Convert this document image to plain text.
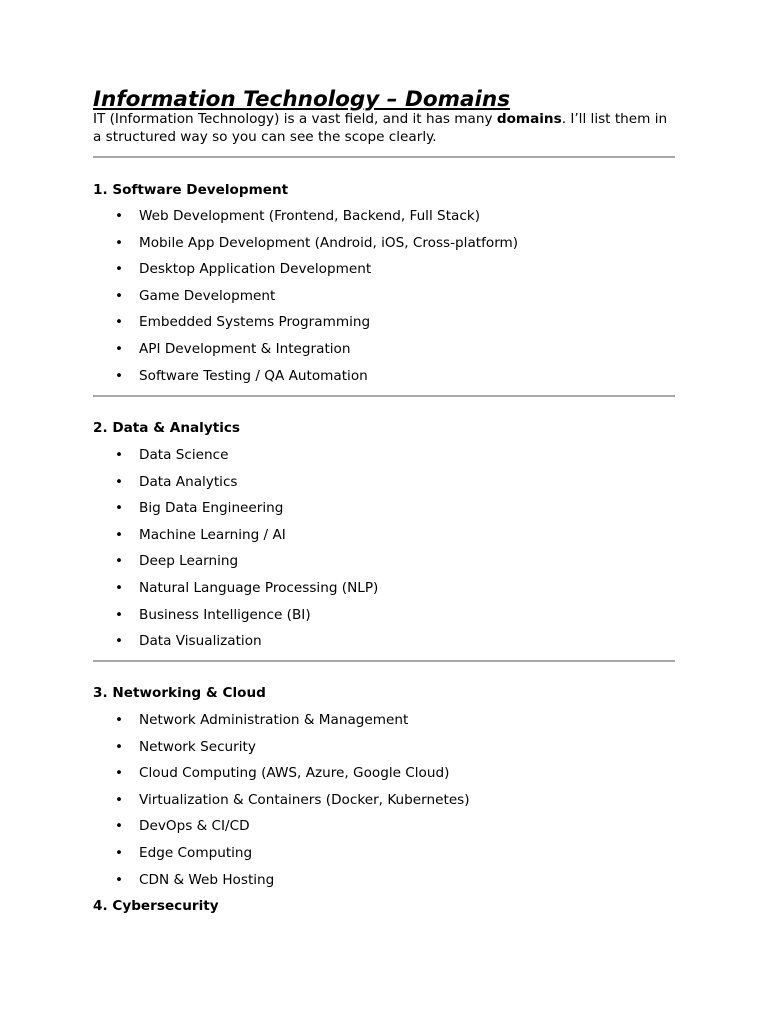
Information Technology – Domains

IT (Information Technology) is a vast field, and it has many domains. I’ll list them in a structured way so you can see the scope clearly.

1. Software Development
• Web Development (Frontend, Backend, Full Stack)
• Mobile App Development (Android, iOS, Cross-platform)
• Desktop Application Development
• Game Development
• Embedded Systems Programming
• API Development & Integration
• Software Testing / QA Automation
2. Data & Analytics
• Data Science
• Data Analytics
• Big Data Engineering
• Machine Learning / AI
• Deep Learning
• Natural Language Processing (NLP)
• Business Intelligence (BI)
• Data Visualization
3. Networking & Cloud
• Network Administration & Management
• Network Security
• Cloud Computing (AWS, Azure, Google Cloud)
• Virtualization & Containers (Docker, Kubernetes)
• DevOps & CI/CD
• Edge Computing
• CDN & Web Hosting
4. Cybersecurity
